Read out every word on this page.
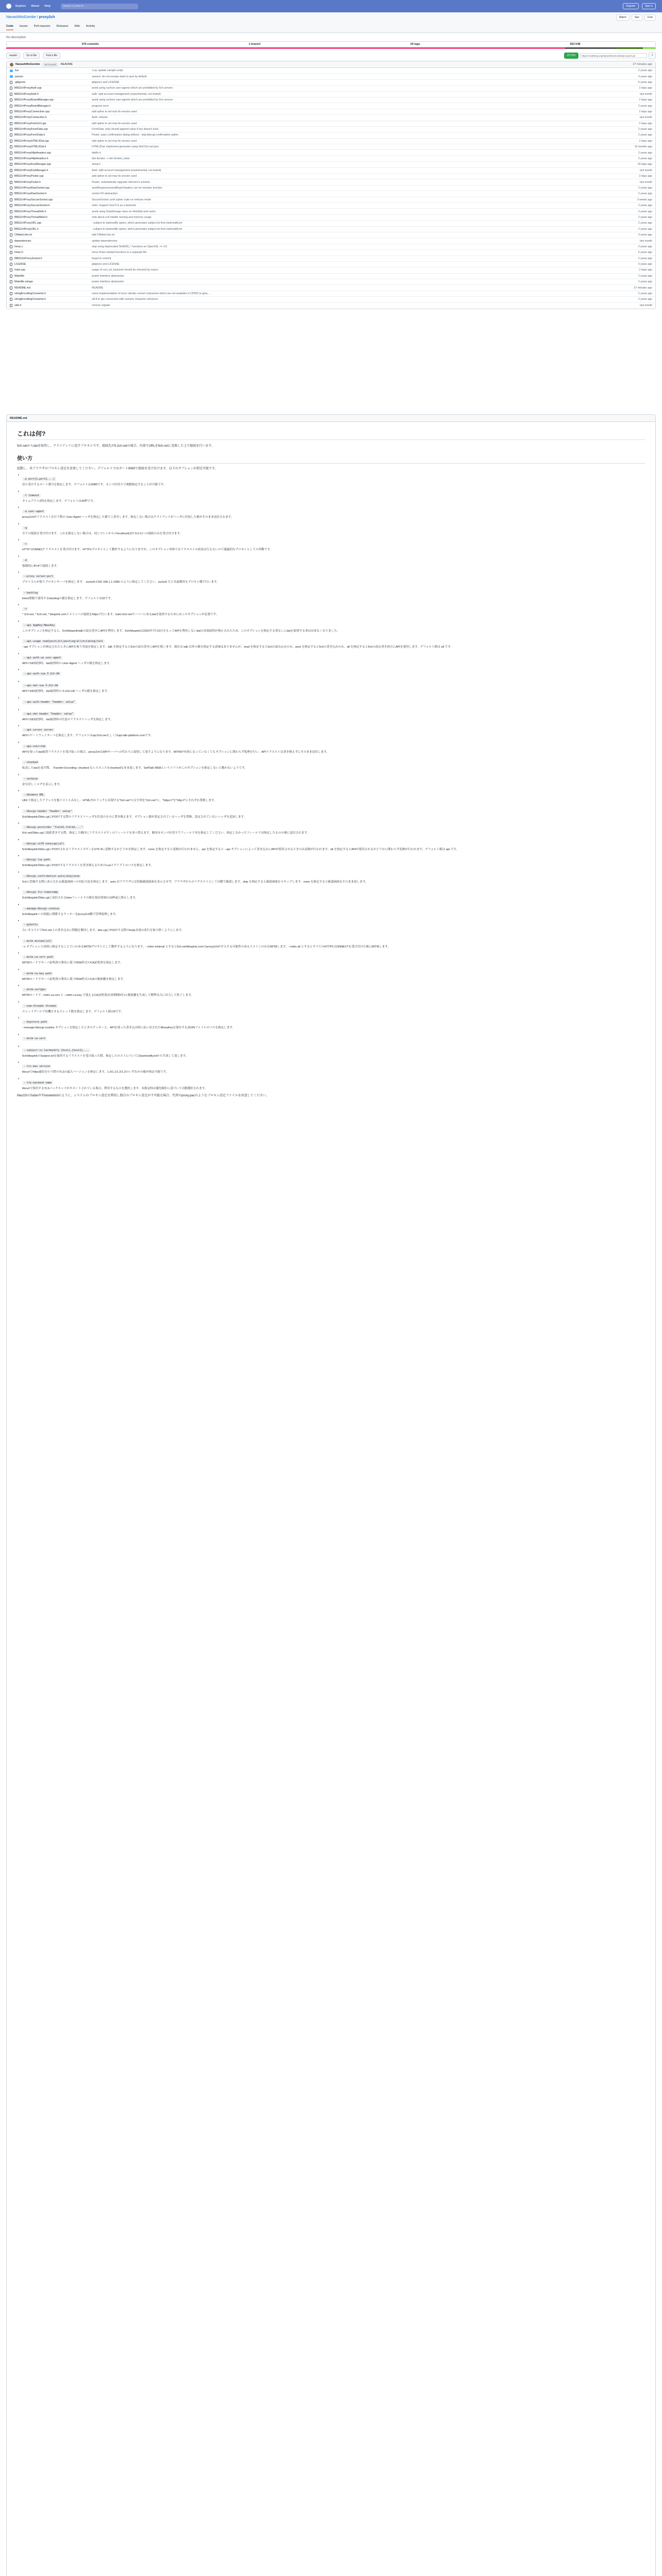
Explore About Help	Search or jump to...	Register	Sign in
NanashiNoGombe / proxy2ch	Watch	Star	Fork
Code Issues Pull requests Releases Wiki Activity
No description
379 commits	1 branch	29 tags	553 KiB
master	Go to file	Find a file	HTTPS	https://codeberg.org/NanashiNoGombe/proxy2ch.git	⭳
NanashiNoGombe	a8744ea6f4	README	27 minutes ago
lua	Lua: update sample script	2 years ago
parson	parson: do not escape slash in json by default	3 years ago
.gitignore	gitignore and LICENSE	6 years ago
BBS2chProxyAuth.cpp	avoid using curl/xxx user-agents which are prohibited by 5ch servers	2 days ago
BBS2chProxyAuth.h	auth: split account management (experimental, not tested)	last month
BBS2chProxyBoardManager.cpp	avoid using curl/xxx user-agents which are prohibited by 5ch servers	2 days ago
BBS2chProxyBoardManager.h	progress once	2 years ago
BBS2chProxyConnection.cpp	add option to set max tls version used	2 days ago
BBS2chProxyConnection.h	Auth: refactor	last month
BBS2chProxyFetchUrl.cpp	add option to set max tls version used	2 days ago
BBS2chProxyFormData.cpp	FormData: set() should append value if key doesn't exist	2 years ago
BBS2chProxyFormData.h	Poster: pass confirmation dialog without --skip-bbscgi-confirmation option	2 years ago
BBS2chProxyHTML2Dat.cpp	add option to set max tls version used	2 days ago
BBS2chProxyHTML2Dat.h	HTML2Dat: implement generator using html.5ch.net json	10 months ago
BBS2chProxyHttpHeaders.cpp	distfix it	2 years ago
BBS2chProxyHttpHeaders.h	dist iterator -> std::iterator_traits	2 years ago
BBS2chProxyKeyManager.cpp	string.h	29 days ago
BBS2chProxyKeyManager.h	Auth: split account management (experimental, not tested)	last month
BBS2chProxyPoster.cpp	add option to set max tls version used	2 days ago
BBS2chProxyPoster.h	Poster: automatically upgrade referrers's scheme	last month
BBS2chProxyRawSocket.cpp	sendResponse/sendBasicHeaders can be member function	2 years ago
BBS2chProxyRawSocket.h	socket I/O abstraction	2 years ago
BBS2chProxySecureSocket.cpp	SecureSocket: print cipher suite on verbose mode	3 weeks ago
BBS2chProxySecureSocket.h	mitm: Support GnuTLS as a backend	2 years ago
BBS2chProxyThreadInfo.h	avoid using DataStorage class on html2dat and cache	2 years ago
BBS2chProxyThreadMset.h	note about curl handle reusing and memory usage	2 years ago
BBS2chProxyURL.cpp	--subject-to-lastmodify option, which generates subject.txt from lastmodify.txt	2 years ago
BBS2chProxyURL.h	--subject-to-lastmodify option, which generates subject.txt from lastmodify.txt	2 years ago
CMakeLists.txt	add CMakeLists.txt	3 years ago
dependencies	update dependencies	last month
hmac.c	stop using deprecated SHA256_* functions on OpenSSL >= 3.0	2 years ago
hmac.h	move hmac-related functions to a separate file	6 years ago
IBBS2chProxySocket.h	forgot to commit	2 years ago
LICENSE	gitignore and LICENSE	6 years ago
main.cpp	usage of curl_ssl_backend should be checked by macro	2 days ago
Makefile	poster interface abstraction	2 years ago
Makefile.mingw	poster interface abstraction	2 years ago
README.md	README	27 minutes ago
stringEncodingConverter.h	some implementation of iconv silently convert characters which are not available in CP932 to geta, ...	2 years ago
stringEncodingConverter.h	utf-8 to sjis conversion with numeric character reference	2 years ago
utils.h	remove register	last month
README.md
これは何?

5ch.netからdatを取得し、クライアントに返すプロキシです。接続先が5.2ch.netの場合、内部でURLを5ch.netに変換した上で接続を行います。

使い方

起動し、各ブラウザのプロキシ設定を変更してください。デフォルトではポート9080で接続を受け付けます。以下のオプションが指定可能です。

• -p port[1,port2,...]
待ち受けするポート番号を指定します。デフォルトは9080です。カンマ区切りで複数指定することが可能です。
• -t timeout
タイムアウト(秒)を指定します。デフォルトは30秒です。
• -a user-agent
proxy2chがリクエストを行う際の User-Agent ヘッダを指定した値で上書きします。指定しない場合はクライアントがヘッダに付加した値がそのまま送信されます。
• -g
全ての接続を受け付けます。これを指定しない場合は、同じマシンからのlocalhost(127.0.0.1)への接続のみを受け付けます。
• -c
HTTP CONNECT リクエストを受け付けます。HTTPsプロキシとして動作するようになりますが、このオプション単体ではリクエストの改変は行えないので通過的なプロキシとしての挙動です。
• -4
強制的にIPv4で接続します。
• --proxy server:port
プロトコルが使うプロキシサーバを指定します。 socks5://192.168.1.1:1080 のように指定してください。socks5 だと名前解決もプロキシ側で行います。
• --backlog
listen関数で使用するbacklogの値を指定します。デフォルトは32です。
• -s
* 2ch.net, *.5ch.net, *.bbspink.comドメインへの接続をhttpsで行います。kako.5ch.netサーバーにあるdatを取得するためにはこのオプションが必要です。
• --api AppKey:HmacKey
このオプションを指定すると、5ch/bbspink/talkの読み書きにAPIを利用します。5ch/bbspinkは2023年7月10日をもってAPIを利用しないdatの直接取得が廃止されたため、このオプションを指定する事なしにdatを取得する事は出来なくなりました。
• --api-usage read|post|all|posting|allincluding|talk
--api オプションが指定されたときにAPIを使う用途を指定します。talk を指定すると5chの読み書きにAPIを使います。現在は talk 以外の値を指定する意味はありませんが、read を指定すると5chの読み込みのみ、post を指定すると5chの書き込みのみ、all を指定すると5chの読み書き両方にAPIを使用します。デフォルト値は all です。
• --api-auth-ua user-agent
APIのSID取得時、dat取得時の User-Agent ヘッダの値を指定します。
• --api-auth-xua X-2ch-UA
• --api-dat-xua X-2ch-UA
APIのSID取得時、dat取得時の X-2ch-UA ヘッダの値を指定します。
• --api-auth-header "header: value"
• --api-dat-header "header: value"
APIのSID取得時、dat取得時の任意のリクエストヘッダを指定します。
• --api-server server
APIのゲートウェイサーバを指定します。デフォルトはapi.5ch.netもしくはapi.talk-platform.comです。
• --api-override
APIを使ったdat取得リクエストを受け取った場合、proxy2chはAPIサーバへの代わりに取得して返すようになります。MITMが有効になっていなくてもオプションに関わらず処理を行い、APIリクエストは書き換えずにそのまま送信します。
• --chunked
転送したdatを返す際、 Transfer-Encoding: chunked なレスポンスをchunkedなまま返します。SoftTalk WEBというソフトがこのオプションを指定しないと動かないようです。
• --verbose
余分詳しくログを表示します。
• --bbsmenu URL
URLで指定したアドレスを板リストとみなし、HTML内のリンクに出現する"5ch.net"の文字列を"2ch.net"に、"https://"を"http://"にそれぞれ置換します。
• --bbscgi-header "header: value"
5ch/bbspink/2bbs.cgiにPOSTする際のリクエストヘッダを任意のものに置き換えます。オプション値が設定されているヘッダを置換、設定されていないヘッダを追加します。
• --bbscgi-postorder "field1,field2,..."
5ch.net/2bbs.cgiに接続書きする際、指定した順序にリクエストボディのフィールドを並べ替えます。順序はカンマ区切りでフィールド名を指定してください。指定しなかったフィールドは指定したものの後に送信されます。
• --bbscgi-utf8 none|api|all
5ch/bbspink/2bbs.cgiにPOSTされるリクエストボディをUTF-8に変換するかどうかを指定します。none を指定すると変換は行われません。api を指定すると --api オプションによって書き込みにAPIが使用されるときのみ変換が行われます。all を指定するとAPIが使用されるかどうかに関わらず変換が行われます。デフォルト値は api です。
• --bbscgi-lua path
5ch/bbspink/2bbs.cgiにPOSTするリクエストを書き換えるためのLuaスクリプトのパスを指定します。
• --bbscgi-confirmation auto|skip|none
5chに投稿する際に表示される確認画面への対応方法を指定します。auto はブラウザには投稿確認画面を表示させず、ブラウザからのリクエストとして自動で確認します。skip を指定すると確認画面をスキップします。none を指定すると確認画面をそのまま返します。
• --bbscgi-fix-timestamp
5ch/bbspink/2bbs.cgiに送信されるtimeフィールドの値を現在時刻の10秒前に修正します。
• --manage-bbscgi-cookies
5ch/bbspinkへの投稿に関係するクッキーをproxy2ch側で管理処理します。
• --gikofix
古いギコナビで5ch.net上の書き込みに問題を解決します。bbs.cgiにPOSTする際のbody末尾の改行を取り除くようにします。
• --mitm minimal|all
--c オプションと同時に指定することでいわゆるMITMプロキシとして動作するようになります。--mitm minimal とすると5ch.net/bbspink.comのproxy2chが介入する可能性のあるドメインのみをMITMします。--mitm all とするとすべてのHTTPS CONNECTを受け付けた後にMITMします。
• --mitm-ca-cert path
MITMモードでサーバ証明書の署名に使うPEM形式のCA証明書を指定します。
• --mitm-ca-key path
MITMモードでサーバ証明書の署名に使うPEM形式のCAの秘密鍵を指定します。
• --mitm-certgen
MITMモードで --mitm-ca-cert と --mitm-ca-key で使えるCA証明書(有効期間5年)と秘密鍵を生成して標準出力に出力して終了します。
• --num-threads threads
スレッドプールで待機させるスレッド数を指定します。デフォルト値は8です。
• --keystore path
--manage-bbscgi-cookies オプションを指定したときのクッキーと、APIを使った書き込み時に払い出されたMonaKeyを保存するJSONファイルのパスを指定します。
• --mitm-ca-cert
• --subject-to-lastmodify [host],[host2],...
5ch/bbspinkのSubject.txtを取得するリクエストを受け取った際、指定したホストについてはlastmodify.txtから生成して返します。
• --tls-max version
libcurlでhttps通信を行う際のTLSの最大バージョンを指定します。1.0/1.1/1.2/1.3のいずれかの値が指定可能です。
• --tty-backend name
libcurlで使用するTLSバックエンドがサポートされている場合、利用するものを選択します。未指定時は優先順位に基づいて自動選択されます。

MacOSのSafariやThunderbirdのように、システムのプロキシ設定を利用し独自のプロキシ設定が不可能な場合、代替のproxy.pacのようなプロキシ設定ファイルを用意してください。
